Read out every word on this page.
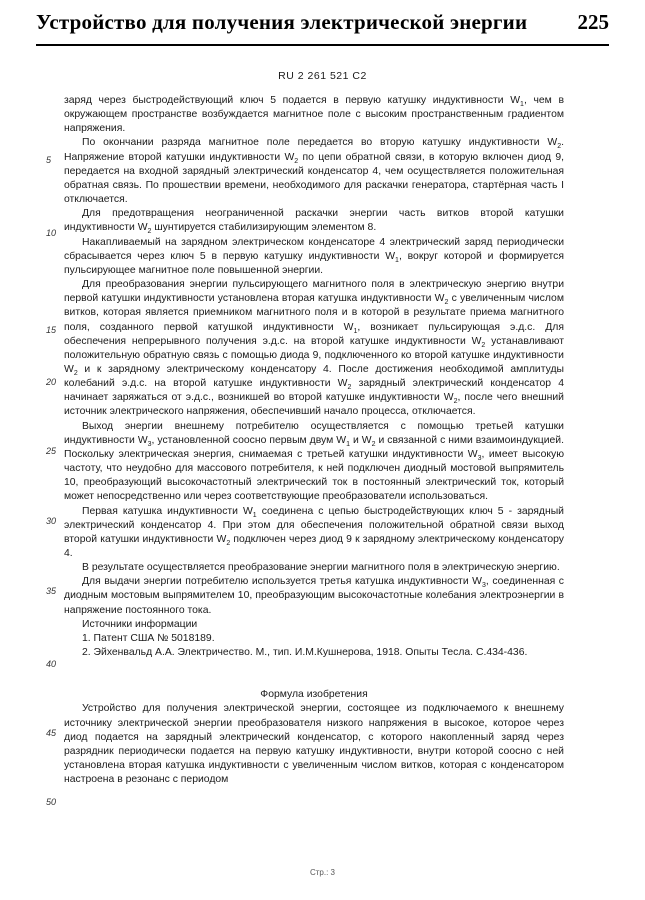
Устройство для получения электрической энергии 225
RU 2 261 521 C2

заряд через быстродействующий ключ 5 подается в первую катушку индуктивности $W_1$, чем в окружающем пространстве возбуждается магнитное поле с высоким пространственным градиентом напряжения.

По окончании разряда магнитное поле передается во вторую катушку индуктивности $W_2$. Напряжение второй катушки индуктивности $W_2$ по цепи обратной связи, в которую включен диод 9, передается на входной зарядный электрический конденсатор 4, чем осуществляется положительная обратная связь. По прошествии времени, необходимого для раскачки генератора, стартёрная часть I отключается.

Для предотвращения неограниченной раскачки энергии часть витков второй катушки индуктивности $W_2$ шунтируется стабилизирующим элементом 8.

Накапливаемый на зарядном электрическом конденсаторе 4 электрический заряд периодически сбрасывается через ключ 5 в первую катушку индуктивности $W_1$, вокруг которой и формируется пульсирующее магнитное поле повышенной энергии.

Для преобразования энергии пульсирующего магнитного поля в электрическую энергию внутри первой катушки индуктивности установлена вторая катушка индуктивности $W_2$ с увеличенным числом витков, которая является приемником магнитного поля и в которой в результате приема магнитного поля, созданного первой катушкой индуктивности $W_1$, возникает пульсирующая э.д.с. Для обеспечения непрерывного получения э.д.с. на второй катушке индуктивности $W_2$ устанавливают положительную обратную связь с помощью диода 9, подключенного ко второй катушке индуктивности $W_2$ и к зарядному электрическому конденсатору 4. После достижения необходимой амплитуды колебаний э.д.с. на второй катушке индуктивности $W_2$ зарядный электрический конденсатор 4 начинает заряжаться от э.д.с., возникшей во второй катушке индуктивности $W_2$, после чего внешний источник электрического напряжения, обеспечивший начало процесса, отключается.

Выход энергии внешнему потребителю осуществляется с помощью третьей катушки индуктивности $W_3$, установленной соосно первым двум $W_1$ и $W_2$ и связанной с ними взаимоиндукцией. Поскольку электрическая энергия, снимаемая с третьей катушки индуктивности $W_3$, имеет высокую частоту, что неудобно для массового потребителя, к ней подключен диодный мостовой выпрямитель 10, преобразующий высокочастотный электрический ток в постоянный электрический ток, который может непосредственно или через соответствующие преобразователи использоваться.

Первая катушка индуктивности $W_1$ соединена с цепью быстродействующих ключ 5 - зарядный электрический конденсатор 4. При этом для обеспечения положительной обратной связи выход второй катушки индуктивности $W_2$ подключен через диод 9 к зарядному электрическому конденсатору 4.

В результате осуществляется преобразование энергии магнитного поля в электрическую энергию.

Для выдачи энергии потребителю используется третья катушка индуктивности $W_3$, соединенная с диодным мостовым выпрямителем 10, преобразующим высокочастотные колебания электроэнергии в напряжение постоянного тока.

Источники информации

1. Патент США № 5018189.

2. Эйхенвальд А.А. Электричество. М., тип. И.М.Кушнерова, 1918. Опыты Тесла. С.434-436.

Формула изобретения

Устройство для получения электрической энергии, состоящее из подключаемого к внешнему источнику электрической энергии преобразователя низкого напряжения в высокое, которое через диод подается на зарядный электрический конденсатор, с которого накопленный заряд через разрядник периодически подается на первую катушку индуктивности, внутри которой соосно с ней установлена вторая катушка индуктивности с увеличенным числом витков, которая с конденсатором настроена в резонанс с периодом

5
10
15
20
25
30
35
40
45
50
Стр.: 3
